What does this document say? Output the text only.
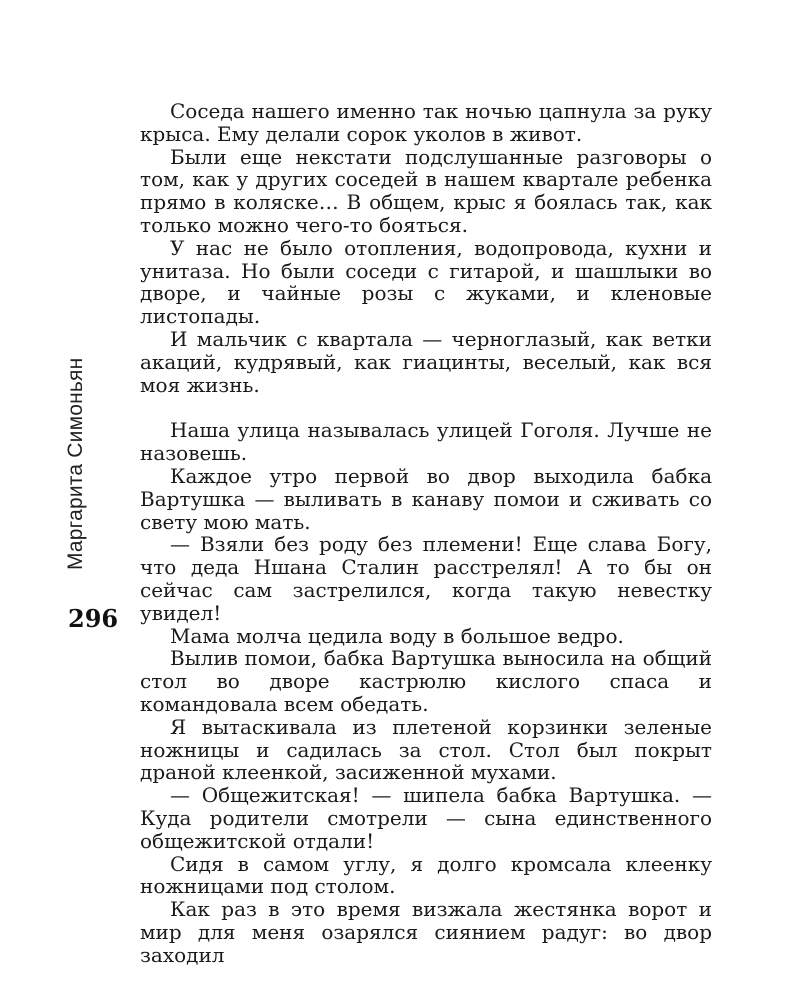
Маргарита Симоньян
296

Соседа нашего именно так ночью цапнула за руку крыса. Ему делали сорок уколов в живот.

Были еще некстати подслушанные разговоры о том, как у других соседей в нашем квартале ребенка прямо в коляске… В общем, крыс я боялась так, как только можно чего-то бояться.

У нас не было отопления, водопровода, кухни и унитаза. Но были соседи с гитарой, и шашлыки во дворе, и чайные розы с жуками, и кленовые листопады.

И мальчик с квартала — черноглазый, как ветки акаций, кудрявый, как гиацинты, веселый, как вся моя жизнь.

Наша улица называлась улицей Гоголя. Лучше не назовешь.

Каждое утро первой во двор выходила бабка Вартушка — выливать в канаву помои и сживать со свету мою мать.

— Взяли без роду без племени! Еще слава Богу, что деда Ншана Сталин расстрелял! А то бы он сейчас сам застрелился, когда такую невестку увидел!

Мама молча цедила воду в большое ведро.

Вылив помои, бабка Вартушка выносила на общий стол во дворе кастрюлю кислого спаса и командовала всем обедать.

Я вытаскивала из плетеной корзинки зеленые ножницы и садилась за стол. Стол был покрыт драной клеенкой, засиженной мухами.

— Общежитская! — шипела бабка Вартушка. — Куда родители смотрели — сына единственного общежитской отдали!

Сидя в самом углу, я долго кромсала клеенку ножницами под столом.

Как раз в это время визжала жестянка ворот и мир для меня озарялся сиянием радуг: во двор заходил
